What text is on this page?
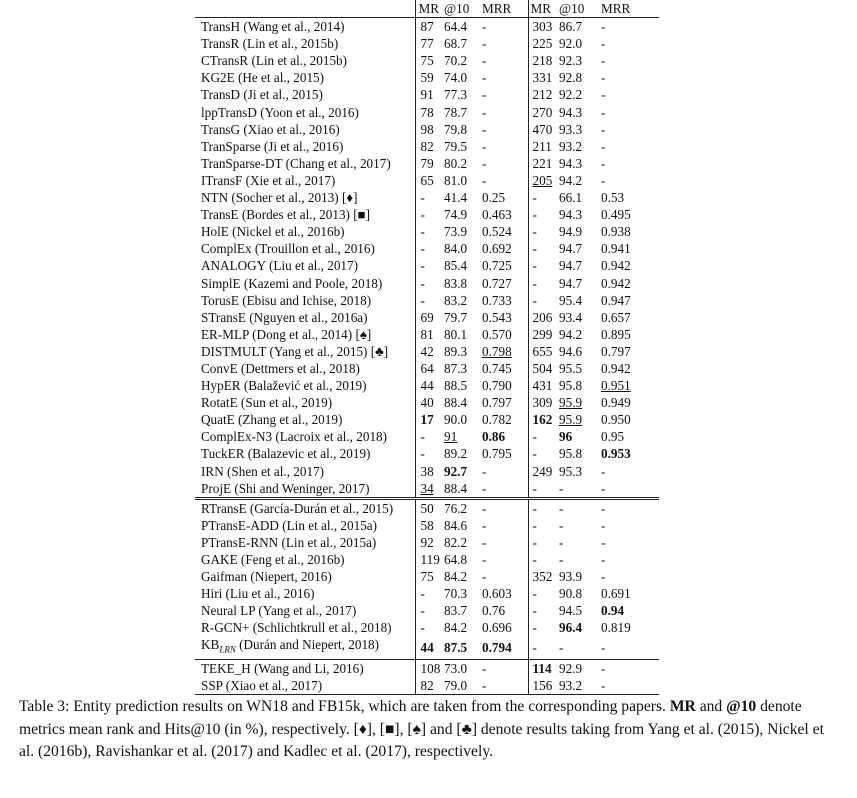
	MR	@10	MRR	MR	@10	MRR
TransH (Wang et al., 2014)	87	64.4	-	303	86.7	-
TransR (Lin et al., 2015b)	77	68.7	-	225	92.0	-
CTransR (Lin et al., 2015b)	75	70.2	-	218	92.3	-
KG2E (He et al., 2015)	59	74.0	-	331	92.8	-
TransD (Ji et al., 2015)	91	77.3	-	212	92.2	-
lppTransD (Yoon et al., 2016)	78	78.7	-	270	94.3	-
TransG (Xiao et al., 2016)	98	79.8	-	470	93.3	-
TranSparse (Ji et al., 2016)	82	79.5	-	211	93.2	-
TranSparse-DT (Chang et al., 2017)	79	80.2	-	221	94.3	-
ITransF (Xie et al., 2017)	65	81.0	-	205	94.2	-
NTN (Socher et al., 2013) [♦]	-	41.4	0.25	-	66.1	0.53
TransE (Bordes et al., 2013) [■]	-	74.9	0.463	-	94.3	0.495
HolE (Nickel et al., 2016b)	-	73.9	0.524	-	94.9	0.938
ComplEx (Trouillon et al., 2016)	-	84.0	0.692	-	94.7	0.941
ANALOGY (Liu et al., 2017)	-	85.4	0.725	-	94.7	0.942
SimplE (Kazemi and Poole, 2018)	-	83.8	0.727	-	94.7	0.942
TorusE (Ebisu and Ichise, 2018)	-	83.2	0.733	-	95.4	0.947
STransE (Nguyen et al., 2016a)	69	79.7	0.543	206	93.4	0.657
ER-MLP (Dong et al., 2014) [♠]	81	80.1	0.570	299	94.2	0.895
DISTMULT (Yang et al., 2015) [♣]	42	89.3	0.798	655	94.6	0.797
ConvE (Dettmers et al., 2018)	64	87.3	0.745	504	95.5	0.942
HypER (Balažević et al., 2019)	44	88.5	0.790	431	95.8	0.951
RotatE (Sun et al., 2019)	40	88.4	0.797	309	95.9	0.949
QuatE (Zhang et al., 2019)	17	90.0	0.782	162	95.9	0.950
ComplEx-N3 (Lacroix et al., 2018)	-	91	0.86	-	96	0.95
TuckER (Balazevic et al., 2019)	-	89.2	0.795	-	95.8	0.953
IRN (Shen et al., 2017)	38	92.7	-	249	95.3	-
ProjE (Shi and Weninger, 2017)	34	88.4	-	-	-	-
RTransE (García-Durán et al., 2015)	50	76.2	-	-	-	-
PTransE-ADD (Lin et al., 2015a)	58	84.6	-	-	-	-
PTransE-RNN (Lin et al., 2015a)	92	82.2	-	-	-	-
GAKE (Feng et al., 2016b)	119	64.8	-	-	-	-
Gaifman (Niepert, 2016)	75	84.2	-	352	93.9	-
Hiri (Liu et al., 2016)	-	70.3	0.603	-	90.8	0.691
Neural LP (Yang et al., 2017)	-	83.7	0.76	-	94.5	0.94
R-GCN+ (Schlichtkrull et al., 2018)	-	84.2	0.696	-	96.4	0.819
$KB_{LRN}$ (Durán and Niepert, 2018)	44	87.5	0.794	-	-	-
TEKE_H (Wang and Li, 2016)	108	73.0	-	114	92.9	-
SSP (Xiao et al., 2017)	82	79.0	-	156	93.2	-

Table 3: Entity prediction results on WN18 and FB15k, which are taken from the corresponding papers. MR and @10 denote metrics mean rank and Hits@10 (in %), respectively. [♦], [■], [♠] and [♣] denote results taking from Yang et al. (2015), Nickel et al. (2016b), Ravishankar et al. (2017) and Kadlec et al. (2017), respectively.
